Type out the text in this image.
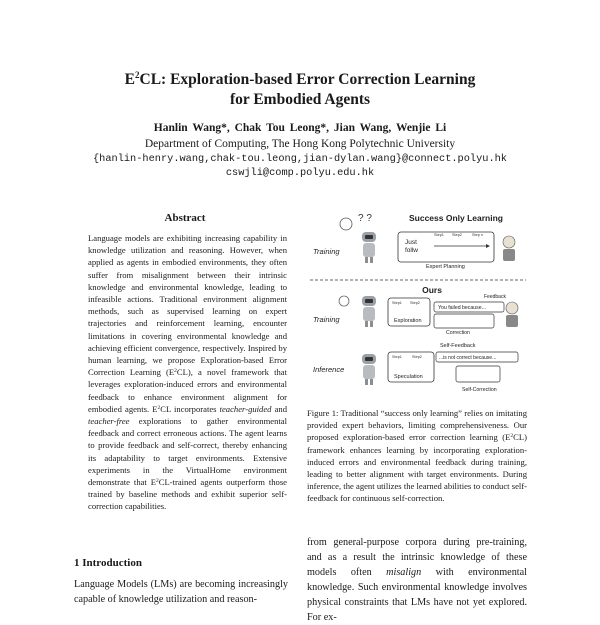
$E^2CL$: Exploration-based Error Correction Learning
for Embodied Agents
Hanlin Wang*, Chak Tou Leong*, Jian Wang, Wenjie Li
Department of Computing, The Hong Kong Polytechnic University
{hanlin-henry.wang,chak-tou.leong,jian-dylan.wang}@connect.polyu.hk
cswjli@comp.polyu.edu.hk
Abstract
Language models are exhibiting increasing capability in knowledge utilization and reasoning. However, when applied as agents in embodied environments, they often suffer from misalignment between their intrinsic knowledge and environmental knowledge, leading to infeasible actions. Traditional environment alignment methods, such as supervised learning on expert trajectories and reinforcement learning, encounter limitations in covering environmental knowledge and achieving efficient convergence, respectively. Inspired by human learning, we propose Exploration-based Error Correction Learning $(E^2CL)$, a novel framework that leverages exploration-induced errors and environmental feedback to enhance environment alignment for embodied agents. $E^2CL$ incorporates teacher-guided and teacher-free explorations to gather environmental feedback and correct erroneous actions. The agent learns to provide feedback and self-correct, thereby enhancing its adaptability to target environments. Extensive experiments in the VirtualHome environment demonstrate that $E^2CL$-trained agents outperform those trained by baseline methods and exhibit superior self-correction capabilities.
1 Introduction
Language Models (LMs) are becoming increasingly capable of knowledge utilization and reason-
Success Only Learning
? ?
Training
Just
follw
Step1 Step2	Step n
Expert Planning
Ours
Training
Step1 Step2
Exploration
Feedback
You failed because...
Correction
Inference
Self-Feedback
Step1	Step2
Speculation
...is not correct because...
Self-Correction
Figure 1: Traditional “success only learning” relies on imitating provided expert behaviors, limiting comprehensiveness. Our proposed exploration-based error correction learning $(E^2CL)$ framework enhances learning by incorporating exploration-induced errors and environmental feedback during training, leading to better alignment with target environments. During inference, the agent utilizes the learned abilities to conduct self-feedback for continuous self-correction.
from general-purpose corpora during pre-training, and as a result the intrinsic knowledge of these models often misalign with environmental knowledge. Such environmental knowledge involves physical constraints that LMs have not yet explored. For ex-
